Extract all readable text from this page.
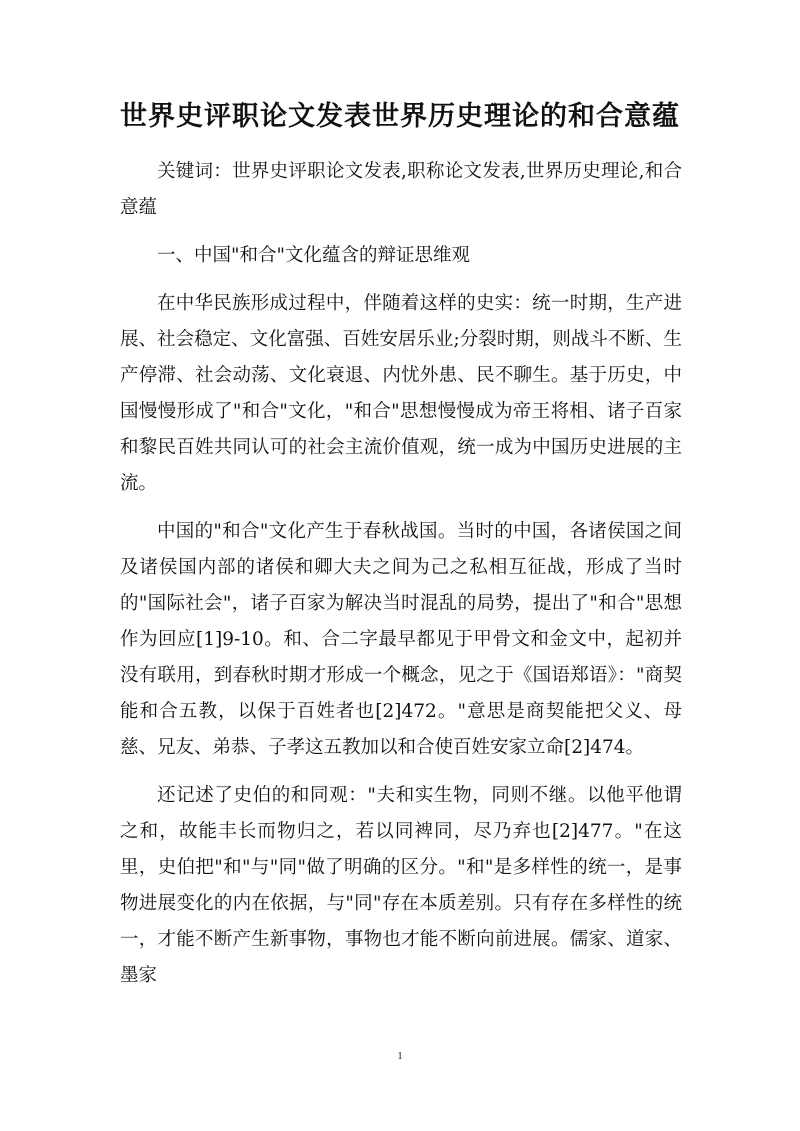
世界史评职论文发表世界历史理论的和合意蕴

关键词：世界史评职论文发表,职称论文发表,世界历史理论,和合意蕴

一、中国"和合"文化蕴含的辩证思维观

在中华民族形成过程中，伴随着这样的史实：统一时期，生产进展、社会稳定、文化富强、百姓安居乐业;分裂时期，则战斗不断、生产停滞、社会动荡、文化衰退、内忧外患、民不聊生。基于历史，中国慢慢形成了"和合"文化，"和合"思想慢慢成为帝王将相、诸子百家和黎民百姓共同认可的社会主流价值观，统一成为中国历史进展的主流。

中国的"和合"文化产生于春秋战国。当时的中国，各诸侯国之间及诸侯国内部的诸侯和卿大夫之间为己之私相互征战，形成了当时的"国际社会"，诸子百家为解决当时混乱的局势，提出了"和合"思想作为回应[1]9-10。和、合二字最早都见于甲骨文和金文中，起初并没有联用，到春秋时期才形成一个概念，见之于《国语郑语》："商契能和合五教，以保于百姓者也[2]472。"意思是商契能把父义、母慈、兄友、弟恭、子孝这五教加以和合使百姓安家立命[2]474。

还记述了史伯的和同观："夫和实生物，同则不继。以他平他谓之和，故能丰长而物归之，若以同裨同，尽乃弃也[2]477。"在这里，史伯把"和"与"同"做了明确的区分。"和"是多样性的统一，是事物进展变化的内在依据，与"同"存在本质差别。只有存在多样性的统一，才能不断产生新事物，事物也才能不断向前进展。儒家、道家、墨家

1
